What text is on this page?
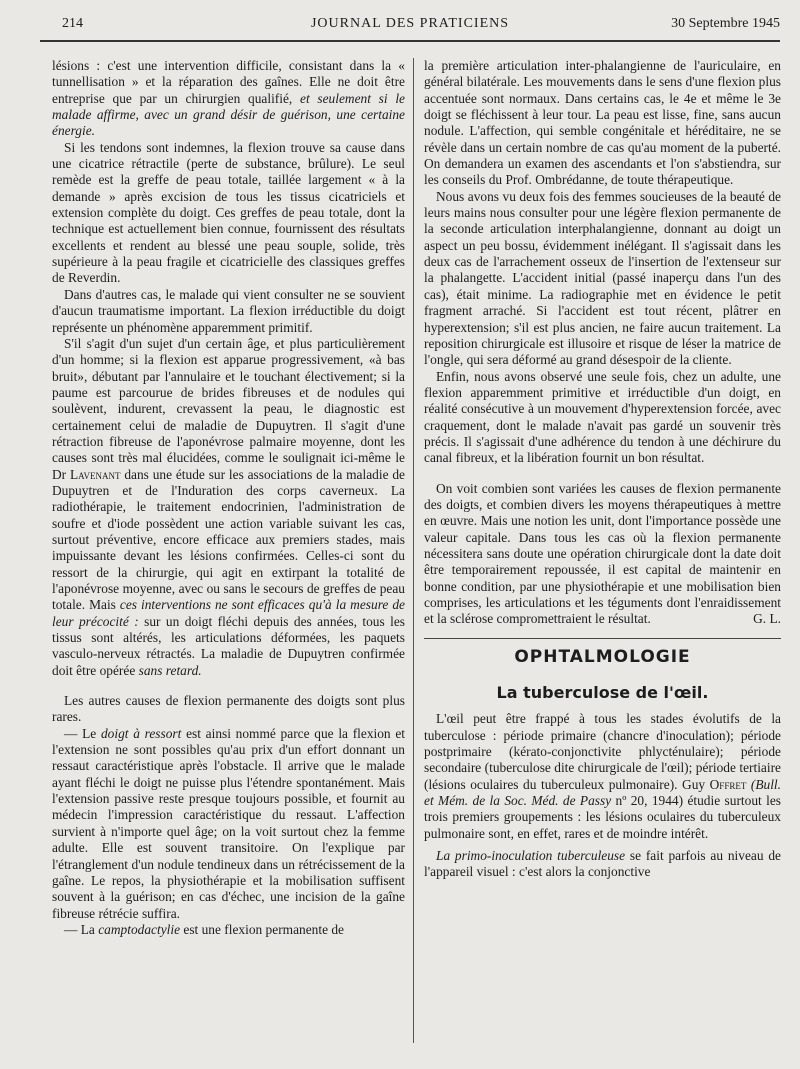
214	JOURNAL DES PRATICIENS	30 Septembre 1945

lésions : c'est une intervention difficile, consistant dans la « tunnellisation » et la réparation des gaînes. Elle ne doit être entreprise que par un chirurgien qualifié, et seulement si le malade affirme, avec un grand désir de guérison, une certaine énergie.

Si les tendons sont indemnes, la flexion trouve sa cause dans une cicatrice rétractile (perte de substance, brûlure). Le seul remède est la greffe de peau totale, taillée largement « à la demande » après excision de tous les tissus cicatriciels et extension complète du doigt. Ces greffes de peau totale, dont la technique est actuellement bien connue, fournissent des résultats excellents et rendent au blessé une peau souple, solide, très supérieure à la peau fragile et cicatricielle des classiques greffes de Reverdin.

Dans d'autres cas, le malade qui vient consulter ne se souvient d'aucun traumatisme important. La flexion irréductible du doigt représente un phénomène apparemment primitif.

S'il s'agit d'un sujet d'un certain âge, et plus particulièrement d'un homme; si la flexion est apparue progressivement, «à bas bruit», débutant par l'annulaire et le touchant électivement; si la paume est parcourue de brides fibreuses et de nodules qui soulèvent, indurent, crevassent la peau, le diagnostic est certainement celui de maladie de Dupuytren. Il s'agit d'une rétraction fibreuse de l'aponévrose palmaire moyenne, dont les causes sont très mal élucidées, comme le soulignait ici-même le Dr Lavenant dans une étude sur les associations de la maladie de Dupuytren et de l'Induration des corps caverneux. La radiothérapie, le traitement endocrinien, l'administration de soufre et d'iode possèdent une action variable suivant les cas, surtout préventive, encore efficace aux premiers stades, mais impuissante devant les lésions confirmées. Celles-ci sont du ressort de la chirurgie, qui agit en extirpant la totalité de l'aponévrose moyenne, avec ou sans le secours de greffes de peau totale. Mais ces interventions ne sont efficaces qu'à la mesure de leur précocité : sur un doigt fléchi depuis des années, tous les tissus sont altérés, les articulations déformées, les paquets vasculo-nerveux rétractés. La maladie de Dupuytren confirmée doit être opérée sans retard.

Les autres causes de flexion permanente des doigts sont plus rares.

— Le doigt à ressort est ainsi nommé parce que la flexion et l'extension ne sont possibles qu'au prix d'un effort donnant un ressaut caractéristique après l'obstacle. Il arrive que le malade ayant fléchi le doigt ne puisse plus l'étendre spontanément. Mais l'extension passive reste presque toujours possible, et fournit au médecin l'impression caractéristique du ressaut. L'affection survient à n'importe quel âge; on la voit surtout chez la femme adulte. Elle est souvent transitoire. On l'explique par l'étranglement d'un nodule tendineux dans un rétrécissement de la gaîne. Le repos, la physiothérapie et la mobilisation suffisent souvent à la guérison; en cas d'échec, une incision de la gaîne fibreuse rétrécie suffira.

— La camptodactylie est une flexion permanente de

la première articulation inter-phalangienne de l'auriculaire, en général bilatérale. Les mouvements dans le sens d'une flexion plus accentuée sont normaux. Dans certains cas, le 4e et même le 3e doigt se fléchissent à leur tour. La peau est lisse, fine, sans aucun nodule. L'affection, qui semble congénitale et héréditaire, ne se révèle dans un certain nombre de cas qu'au moment de la puberté. On demandera un examen des ascendants et l'on s'abstiendra, sur les conseils du Prof. Ombrédanne, de toute thérapeutique.

Nous avons vu deux fois des femmes soucieuses de la beauté de leurs mains nous consulter pour une légère flexion permanente de la seconde articulation interphalangienne, donnant au doigt un aspect un peu bossu, évidemment inélégant. Il s'agissait dans les deux cas de l'arrachement osseux de l'insertion de l'extenseur sur la phalangette. L'accident initial (passé inaperçu dans l'un des cas), était minime. La radiographie met en évidence le petit fragment arraché. Si l'accident est tout récent, plâtrer en hyperextension; s'il est plus ancien, ne faire aucun traitement. La reposition chirurgicale est illusoire et risque de léser la matrice de l'ongle, qui sera déformé au grand désespoir de la cliente.

Enfin, nous avons observé une seule fois, chez un adulte, une flexion apparemment primitive et irréductible d'un doigt, en réalité consécutive à un mouvement d'hyperextension forcée, avec craquement, dont le malade n'avait pas gardé un souvenir très précis. Il s'agissait d'une adhérence du tendon à une déchirure du canal fibreux, et la libération fournit un bon résultat.

On voit combien sont variées les causes de flexion permanente des doigts, et combien divers les moyens thérapeutiques à mettre en œuvre. Mais une notion les unit, dont l'importance possède une valeur capitale. Dans tous les cas où la flexion permanente nécessitera sans doute une opération chirurgicale dont la date doit être temporairement repoussée, il est capital de maintenir en bonne condition, par une physiothérapie et une mobilisation bien comprises, les articulations et les téguments dont l'enraidissement et la sclérose compromettraient le résultat.	G. L.

OPHTALMOLOGIE
La tuberculose de l'œil.

L'œil peut être frappé à tous les stades évolutifs de la tuberculose : période primaire (chancre d'inoculation); période postprimaire (kérato-conjonctivite phlycténulaire); période secondaire (tuberculose dite chirurgicale de l'œil); période tertiaire (lésions oculaires du tuberculeux pulmonaire). Guy Offret (Bull. et Mém. de la Soc. Méd. de Passy nº 20, 1944) étudie surtout les trois premiers groupements : les lésions oculaires du tuberculeux pulmonaire sont, en effet, rares et de moindre intérêt.

La primo-inoculation tuberculeuse se fait parfois au niveau de l'appareil visuel : c'est alors la conjonctive
